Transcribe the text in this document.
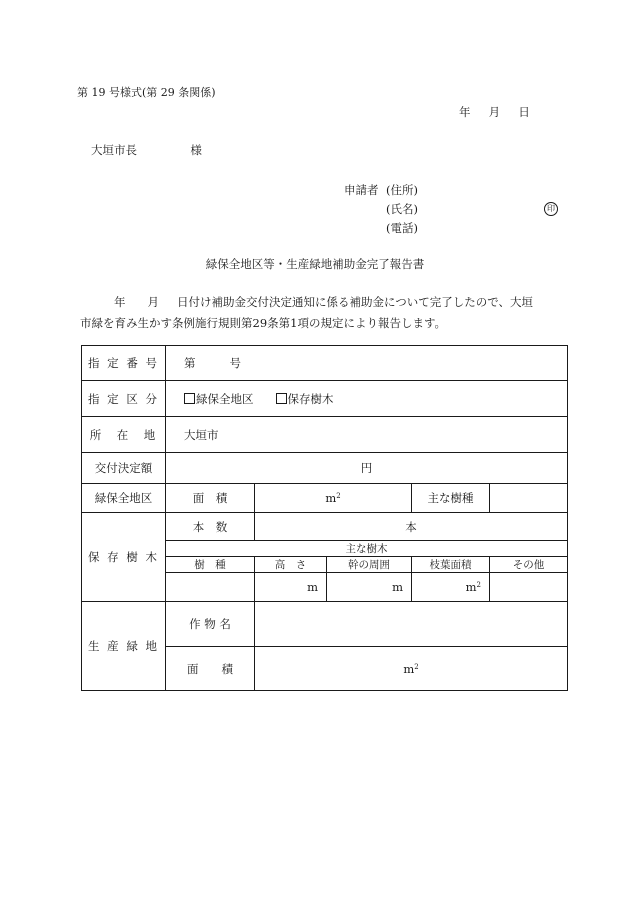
第 19 号様式(第 29 条関係)
年 月 日
大垣市長	様
申請者 (住所)
(氏名)	印
(電話)
緑保全地区等・生産緑地補助金完了報告書
年 月 日付け補助金交付決定通知に係る補助金について完了したので、大垣
市緑を育み生かす条例施行規則第29条第1項の規定により報告します。
指 定 番 号	第 号				
指 定 区 分	緑保全地区 保存樹木				
所　在　地	大垣市				
交付決定額	円				
緑保全地区	面　積	$m^2$		主な樹種	
保 存 樹 木	本　数	本			
	主な樹木				
	樹　種	高　さ	幹の周囲	枝葉面積	その他
		m	m	$m^2$	
生 産 緑 地	作 物 名				
	面　　積	$m^2$
